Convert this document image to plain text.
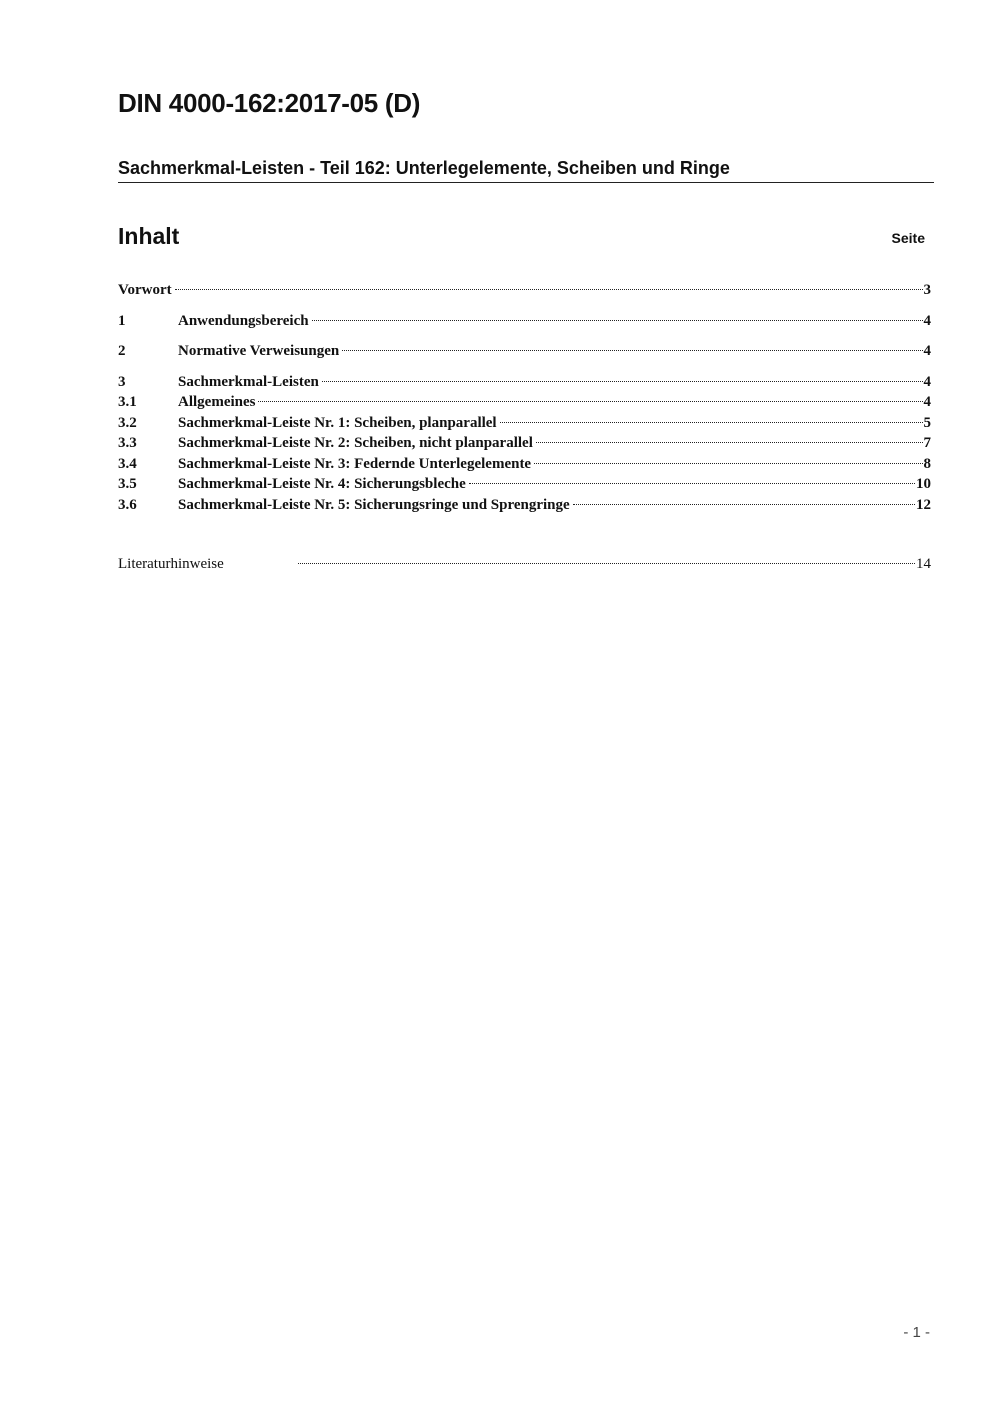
DIN 4000-162:2017-05 (D)
Sachmerkmal-Leisten - Teil 162: Unterlegelemente, Scheiben und Ringe
Inhalt	Seite
Vorwort	3
1	Anwendungsbereich	4
2	Normative Verweisungen	4
3	Sachmerkmal-Leisten	4
3.1	Allgemeines	4
3.2	Sachmerkmal-Leiste Nr. 1: Scheiben, planparallel	5
3.3	Sachmerkmal-Leiste Nr. 2: Scheiben, nicht planparallel	7
3.4	Sachmerkmal-Leiste Nr. 3: Federnde Unterlegelemente	8
3.5	Sachmerkmal-Leiste Nr. 4: Sicherungsbleche	10
3.6	Sachmerkmal-Leiste Nr. 5: Sicherungsringe und Sprengringe	12
Literaturhinweise	14
- 1 -
